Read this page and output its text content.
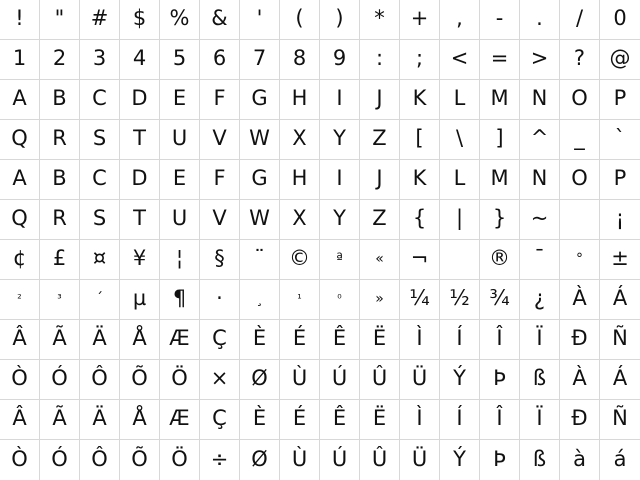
! " # $ % & ' ( ) * + , - . / 0
1 2 3 4 5 6 7 8 9 : ; < = > ? @
A B C D E F G H I J K L M N O P
Q R S T U V W X Y Z [ \ ] ^ _ `
A B C D E F G H I J K L M N O P
Q R S T U V W X Y Z { | } ~	¡
¢ £ ¤ ¥ ¦ § ¨ © ª « ¬	® ¯ ° ±
²	³ ´ µ ¶ · ¸	¹	⁰ » ¼ ½ ¾ ¿ À Á
Â Ã Ä Å Æ Ç È É Ê Ë Ì Í Î Ï Ð Ñ
Ò Ó Ô Õ Ö × Ø Ù Ú Û Ü Ý Þ ß À Á
Â Ã Ä Å Æ Ç È É Ê Ë Ì Í Î Ï Ð Ñ
Ò Ó Ô Õ Ö ÷ Ø Ù Ú Û Ü Ý Þ ß à á
